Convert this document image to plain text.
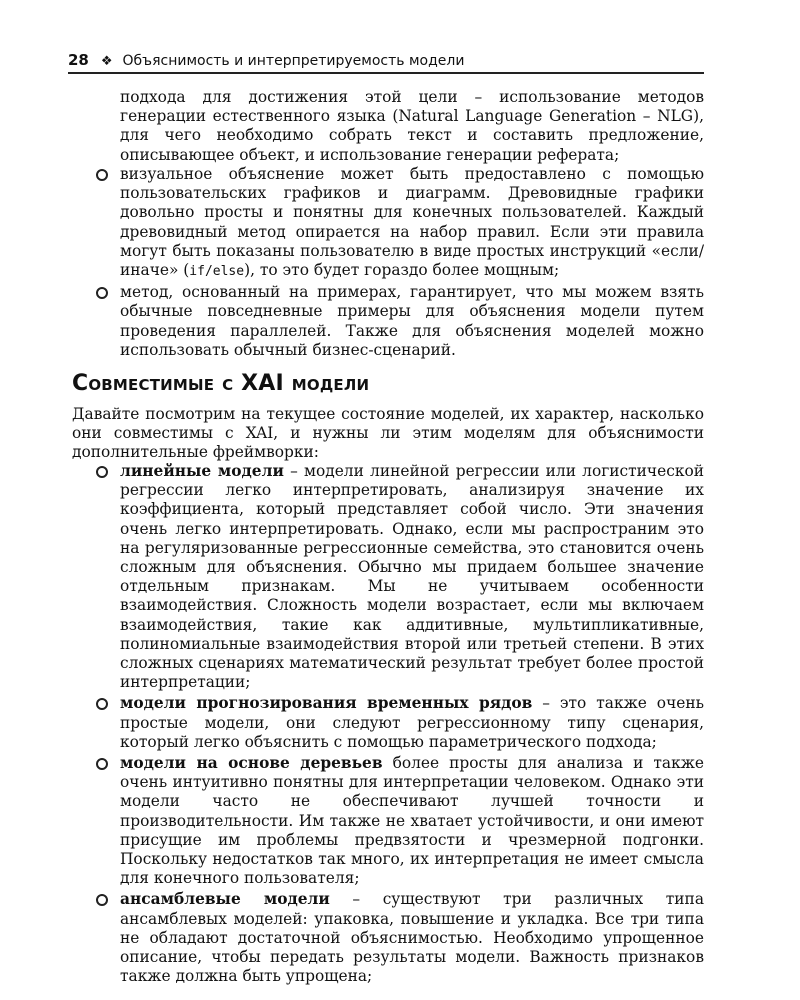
28 ❖ Объяснимость и интерпретируемость модели
подхода для достижения этой цели – использование методов генерации естественного языка (Natural Language Generation – NLG), для чего необходимо собрать текст и составить предложение, описывающее объект, и использование генерации реферата;
визуальное объяснение может быть предоставлено с помощью пользовательских графиков и диаграмм. Древовидные графики довольно просты и понятны для конечных пользователей. Каждый древовидный метод опирается на набор правил. Если эти правила могут быть показаны пользователю в виде простых инструкций «если/иначе» (if/else), то это будет гораздо более мощным;
метод, основанный на примерах, гарантирует, что мы можем взять обычные повседневные примеры для объяснения модели путем проведения параллелей. Также для объяснения моделей можно использовать обычный бизнес-сценарий.
Совместимые с XAI модели
Давайте посмотрим на текущее состояние моделей, их характер, насколько они совместимы с XAI, и нужны ли этим моделям для объяснимости дополнительные фреймворки:
линейные модели – модели линейной регрессии или логистической регрессии легко интерпретировать, анализируя значение их коэффициента, который представляет собой число. Эти значения очень легко интерпретировать. Однако, если мы распространим это на регуляризованные регрессионные семейства, это становится очень сложным для объяснения. Обычно мы придаем большее значение отдельным признакам. Мы не учитываем особенности взаимодействия. Сложность модели возрастает, если мы включаем взаимодействия, такие как аддитивные, мультипликативные, полиномиальные взаимодействия второй или третьей степени. В этих сложных сценариях математический результат требует более простой интерпретации;
модели прогнозирования временных рядов – это также очень простые модели, они следуют регрессионному типу сценария, который легко объяснить с помощью параметрического подхода;
модели на основе деревьев более просты для анализа и также очень интуитивно понятны для интерпретации человеком. Однако эти модели часто не обеспечивают лучшей точности и производительности. Им также не хватает устойчивости, и они имеют присущие им проблемы предвзятости и чрезмерной подгонки. Поскольку недостатков так много, их интерпретация не имеет смысла для конечного пользователя;
ансамблевые модели – существуют три различных типа ансамблевых моделей: упаковка, повышение и укладка. Все три типа не обладают достаточной объяснимостью. Необходимо упрощенное описание, чтобы передать результаты модели. Важность признаков также должна быть упрощена;
